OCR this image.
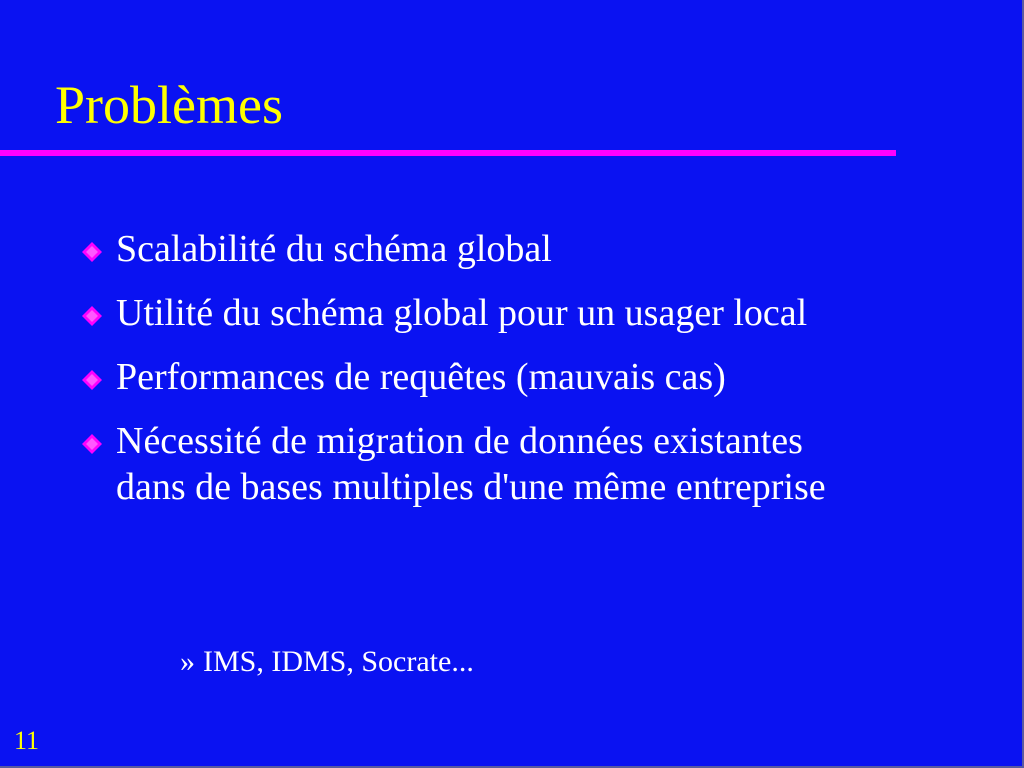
Problèmes
Scalabilité du schéma global
Utilité du schéma global pour un usager local
Performances de requêtes (mauvais cas)
Nécessité de migration de données existantes dans de bases multiples d'une même entreprise
» IMS, IDMS, Socrate...
11
